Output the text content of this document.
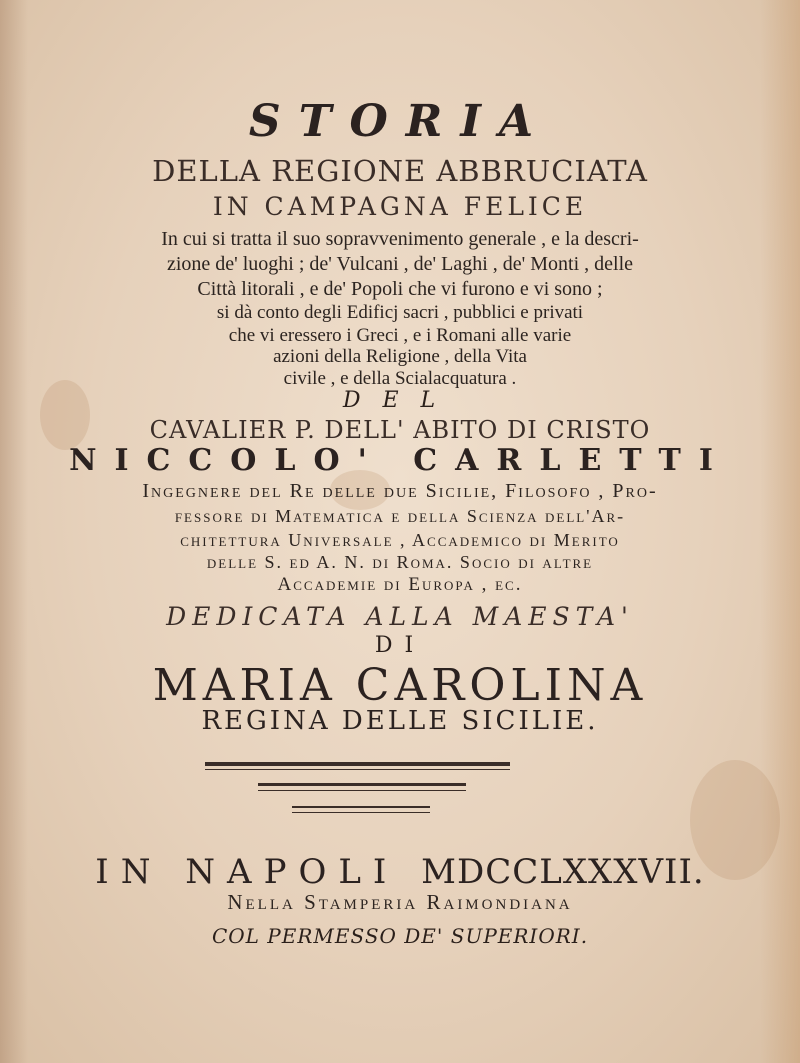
STORIA
DELLA REGIONE ABBRUCIATA
IN CAMPAGNA FELICE
In cui si tratta il suo sopravvenimento generale , e la descri-
zione de' luoghi ; de' Vulcani , de' Laghi , de' Monti , delle
Città litorali , e de' Popoli che vi furono e vi sono ;
si dà conto degli Edificj sacri , pubblici e privati
che vi eressero i Greci , e i Romani alle varie
azioni della Religione , della Vita
civile , e della Scialacquatura .
DEL
CAVALIER P. DELL' ABITO DI CRISTO
NICCOLO' CARLETTI
Ingegnere del Re delle due Sicilie, Filosofo , Pro-
fessore di Matematica e della Scienza dell'Ar-
chitettura Universale , Accademico di Merito
delle S. ed A. N. di Roma. Socio di altre
Accademie di Europa , ec.
DEDICATA ALLA MAESTA'
DI
MARIA CAROLINA
REGINA DELLE SICILIE.
IN NAPOLI MDCCLXXXVII.
Nella Stamperia Raimondiana
COL PERMESSO DE' SUPERIORI.
